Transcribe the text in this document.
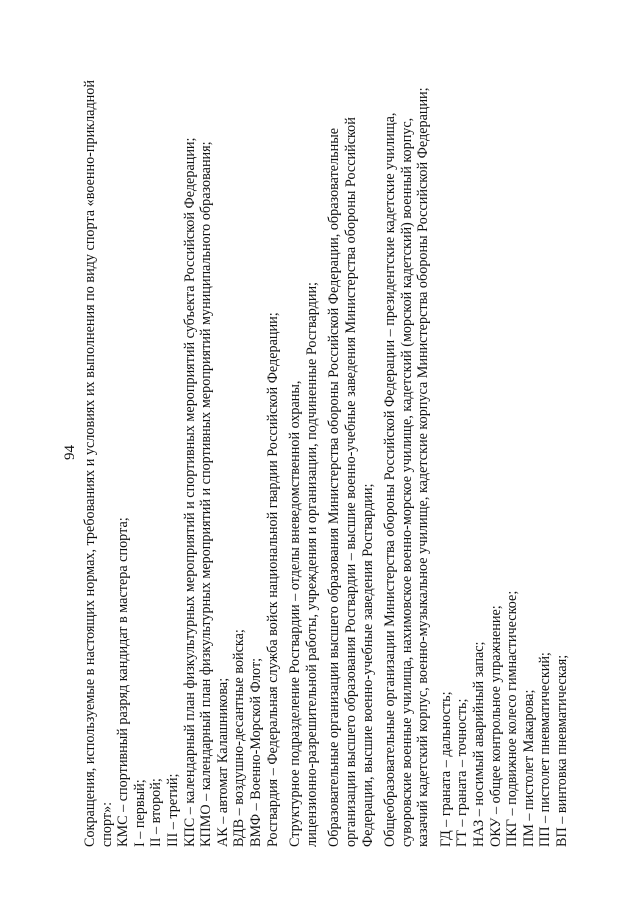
94 Сокращения, используемые в настоящих нормах, требованиях и условиях их выполнения по виду спорта «военно-прикладной спорт»: КМС – спортивный разряд кандидат в мастера спорта; I – первый; II – второй; III – третий; КПС – календарный план физкультурных мероприятий и спортивных мероприятий субъекта Российской Федерации; КПМО – календарный план физкультурных мероприятий и спортивных мероприятий муниципального образования; АК – автомат Калашникова; ВДВ – воздушно-десантные войска; ВМФ – Военно-Морской Флот; Росгвардия – Федеральная служба войск национальной гвардии Российской Федерации; Структурное подразделение Росгвардии – отделы вневедомственной охраны, лицензионно-разрешительной работы, учреждения и организации, подчиненные Росгвардии; Образовательные организации высшего образования Министерства обороны Российской Федерации, образовательные организации высшего образования Росгвардии – высшие военно-учебные заведения Министерства обороны Российской Федерации, высшие военно-учебные заведения Росгвардии; Общеобразовательные организации Министерства обороны Российской Федерации – президентские кадетские училища, суворовские военные училища, нахимовское военно-морское училище, кадетский (морской кадетский) военный корпус, казачий кадетский корпус, военно-музыкальное училище, кадетские корпуса Министерства обороны Российской Федерации; ГД – граната – дальность; ГТ – граната – точность; НАЗ – носимый аварийный запас; ОКУ – общее контрольное упражнение; ПКГ – подвижное колесо гимнастическое; ПМ – пистолет Макарова; ПП – пистолет пневматический; ВП – винтовка пневматическая;
